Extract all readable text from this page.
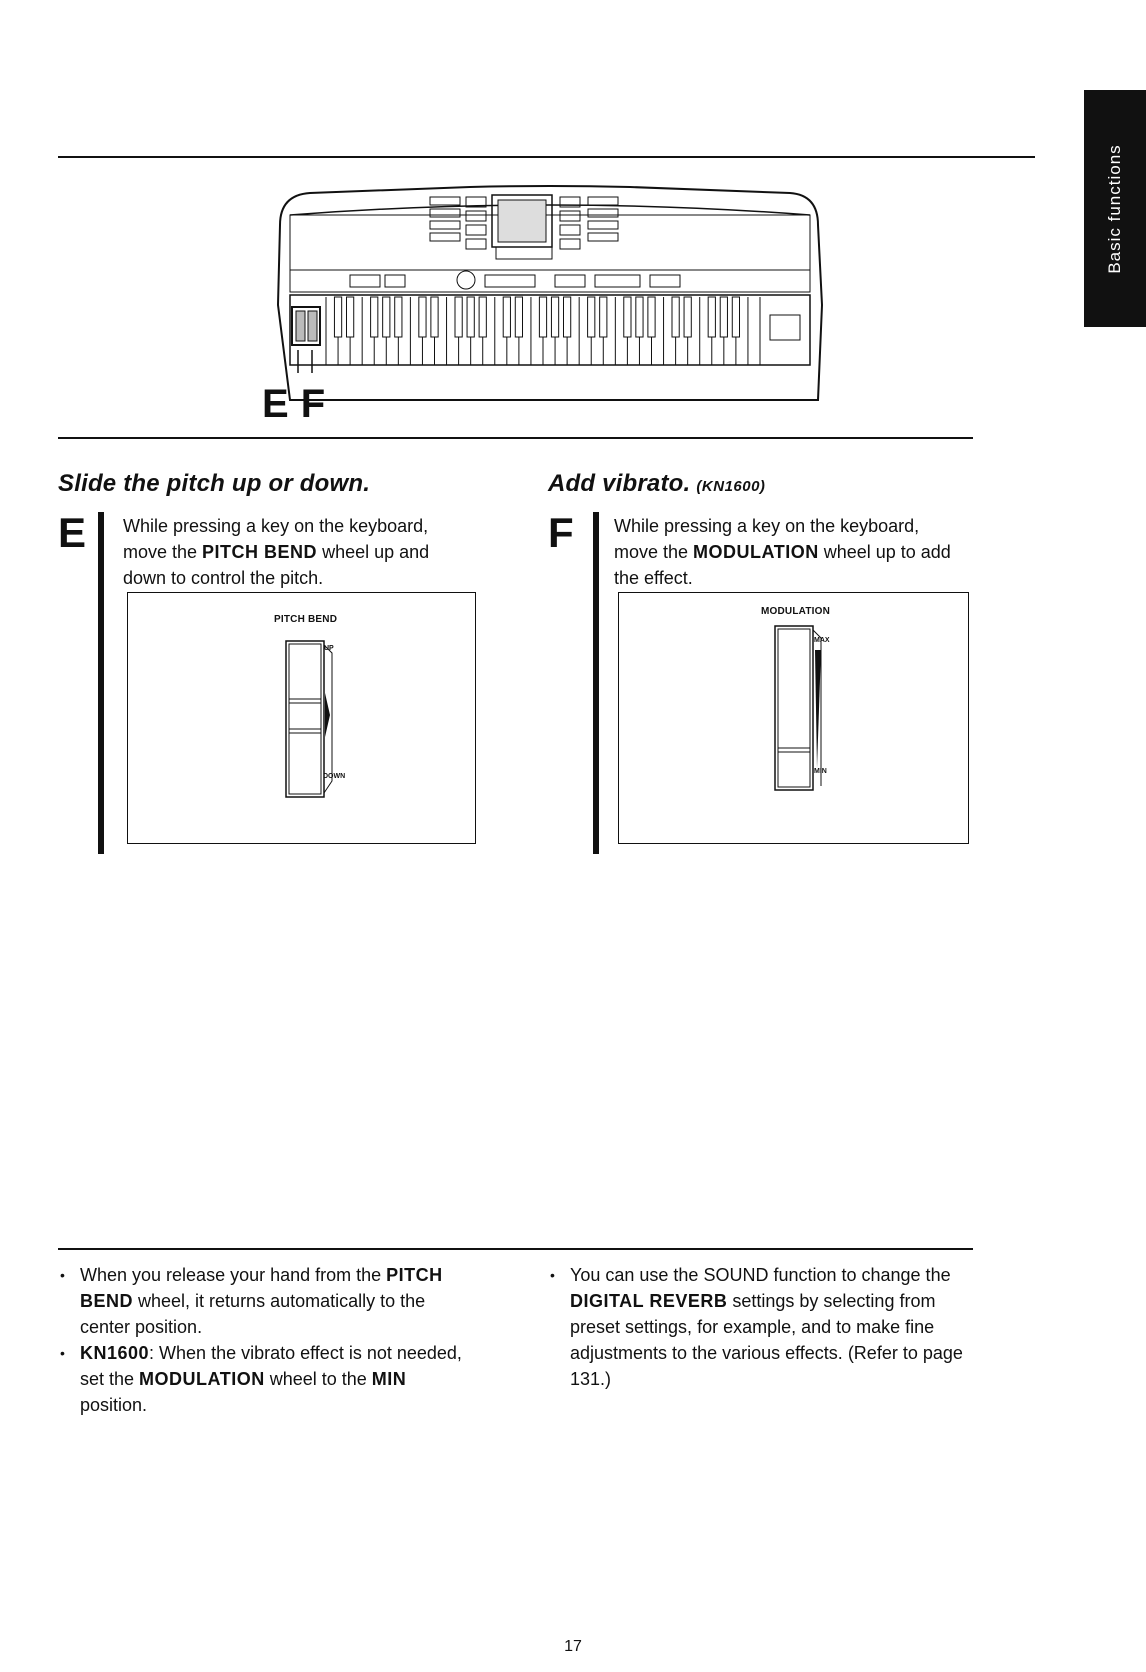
Basic functions
EF
Slide the pitch up or down.
E While pressing a key on the keyboard, move the PITCH BEND wheel up and down to control the pitch.
PITCH BEND
UP
DOWN
Add vibrato. (KN1600)
F While pressing a key on the keyboard, move the MODULATION wheel up to add the effect.
MODULATION
MAX
MIN
• When you release your hand from the PITCH BEND wheel, it returns automatically to the center position.
• KN1600: When the vibrato effect is not needed, set the MODULATION wheel to the MIN position.
• You can use the SOUND function to change the DIGITAL REVERB settings by selecting from preset settings, for example, and to make fine adjustments to the various effects. (Refer to page 131.)
17
